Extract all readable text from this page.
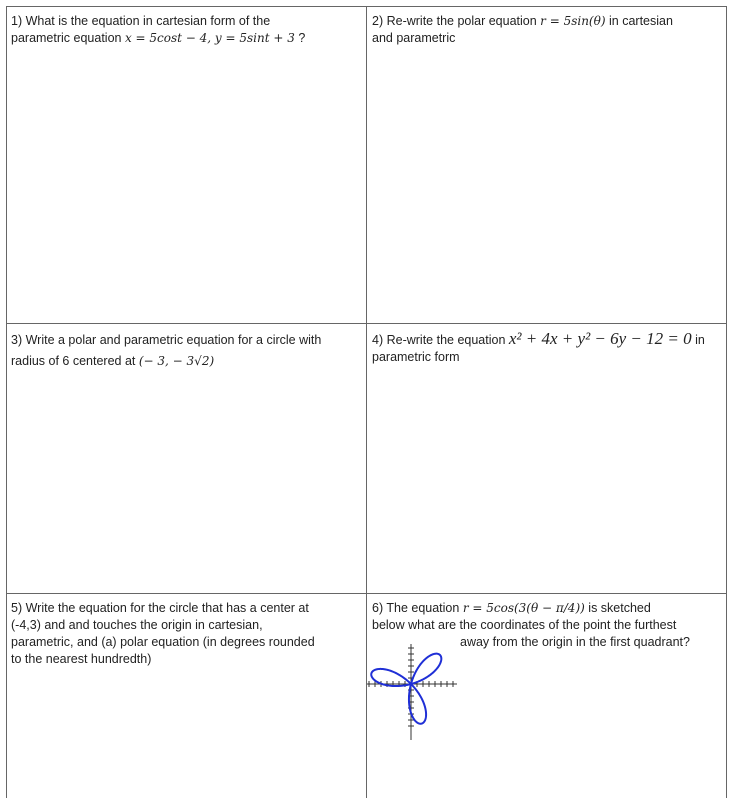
1) What is the equation in cartesian form of the
parametric equation x = 5cost − 4, y = 5sint + 3 ?
2) Re-write the polar equation r = 5sin(θ) in cartesian
and parametric
3) Write a polar and parametric equation for a circle with
radius of 6 centered at (− 3, − 3√2)
4) Re-write the equation x² + 4x + y² − 6y − 12 = 0 in
parametric form
5) Write the equation for the circle that has a center at
(-4,3) and and touches the origin in cartesian,
parametric, and (a) polar equation (in degrees rounded
to the nearest hundredth)
6) The equation r = 5cos(3(θ − π/4)) is sketched
below what are the coordinates of the point the furthest
away from the origin in the first quadrant?
